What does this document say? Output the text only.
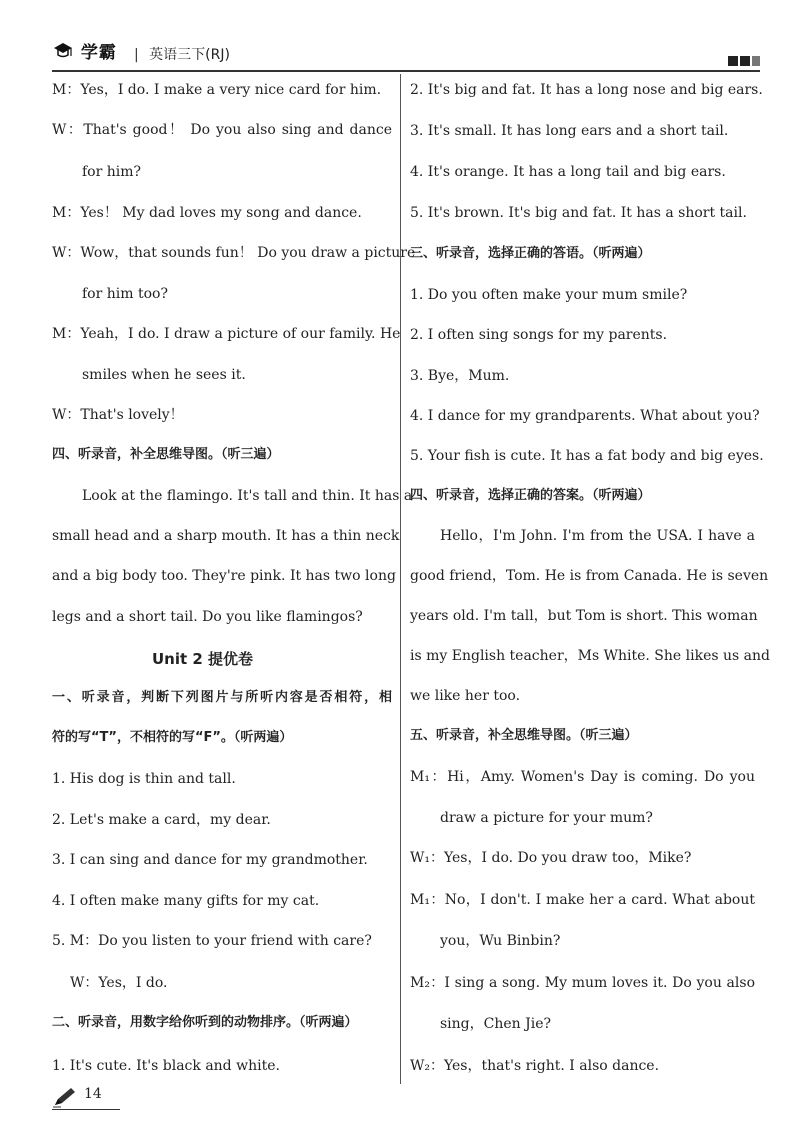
学霸 | 英语三下(RJ)
M：Yes，I do. I make a very nice card for him.
W：That's good！ Do you also sing and dance
for him?
M：Yes！ My dad loves my song and dance.
W：Wow，that sounds fun！ Do you draw a picture
for him too?
M：Yeah，I do. I draw a picture of our family. He
smiles when he sees it.
W：That's lovely！
四、听录音，补全思维导图。（听三遍）
Look at the flamingo. It's tall and thin. It has a
small head and a sharp mouth. It has a thin neck
and a big body too. They're pink. It has two long
legs and a short tail. Do you like flamingos?
Unit 2 提优卷
一、听录音，判断下列图片与所听内容是否相符，相
符的写“T”，不相符的写“F”。（听两遍）
1. His dog is thin and tall.
2. Let's make a card，my dear.
3. I can sing and dance for my grandmother.
4. I often make many gifts for my cat.
5. M：Do you listen to your friend with care?
W：Yes，I do.
二、听录音，用数字给你听到的动物排序。（听两遍）
1. It's cute. It's black and white.
2. It's big and fat. It has a long nose and big ears.
3. It's small. It has long ears and a short tail.
4. It's orange. It has a long tail and big ears.
5. It's brown. It's big and fat. It has a short tail.
三、听录音，选择正确的答语。（听两遍）
1. Do you often make your mum smile?
2. I often sing songs for my parents.
3. Bye，Mum.
4. I dance for my grandparents. What about you?
5. Your fish is cute. It has a fat body and big eyes.
四、听录音，选择正确的答案。（听两遍）
Hello，I'm John. I'm from the USA. I have a
good friend，Tom. He is from Canada. He is seven
years old. I'm tall，but Tom is short. This woman
is my English teacher，Ms White. She likes us and
we like her too.
五、听录音，补全思维导图。（听三遍）
M₁：Hi，Amy. Women's Day is coming. Do you
draw a picture for your mum?
W₁：Yes，I do. Do you draw too，Mike?
M₁：No，I don't. I make her a card. What about
you，Wu Binbin?
M₂：I sing a song. My mum loves it. Do you also
sing，Chen Jie?
W₂：Yes，that's right. I also dance.
14
